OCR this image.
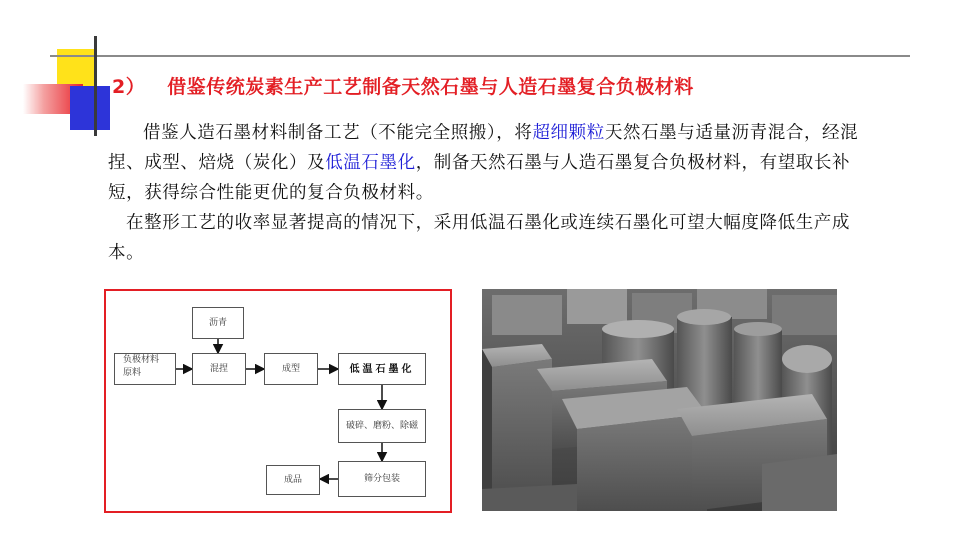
2） 借鉴传统炭素生产工艺制备天然石墨与人造石墨复合负极材料
借鉴人造石墨材料制备工艺（不能完全照搬），将超细颗粒天然石墨与适量沥青混合，经混捏、成型、焙烧（炭化）及低温石墨化，制备天然石墨与人造石墨复合负极材料，有望取长补短，获得综合性能更优的复合负极材料。
在整形工艺的收率显著提高的情况下，采用低温石墨化或连续石墨化可望大幅度降低生产成本。
沥青
负极材料
原料	混捏	成型	低温石墨化
破碎、磨粉、除磁
筛分包装
成品
